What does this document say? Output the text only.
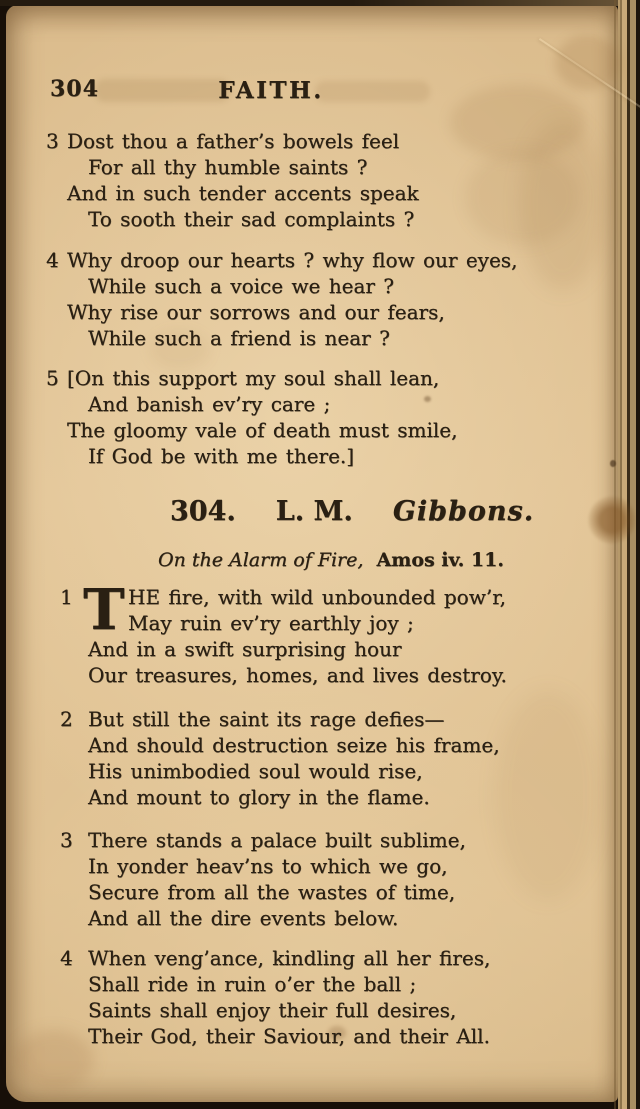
304	FAITH.
3 Dost thou a father’s bowels feel
For all thy humble saints ?
And in such tender accents speak
To sooth their sad complaints ?
4 Why droop our hearts ? why flow our eyes,
While such a voice we hear ?
Why rise our sorrows and our fears,
While such a friend is near ?
5 [On this support my soul shall lean,
And banish ev’ry care ;
The gloomy vale of death must smile,
If God be with me there.]
304. L. M. Gibbons.
On the Alarm of Fire, Amos iv. 11.
1 T HE fire, with wild unbounded pow’r,
May ruin ev’ry earthly joy ;
And in a swift surprising hour
Our treasures, homes, and lives destroy.
2 But still the saint its rage defies—
And should destruction seize his frame,
His unimbodied soul would rise,
And mount to glory in the flame.
3 There stands a palace built sublime,
In yonder heav’ns to which we go,
Secure from all the wastes of time,
And all the dire events below.
4 When veng’ance, kindling all her fires,
Shall ride in ruin o’er the ball ;
Saints shall enjoy their full desires,
Their God, their Saviour, and their All.
